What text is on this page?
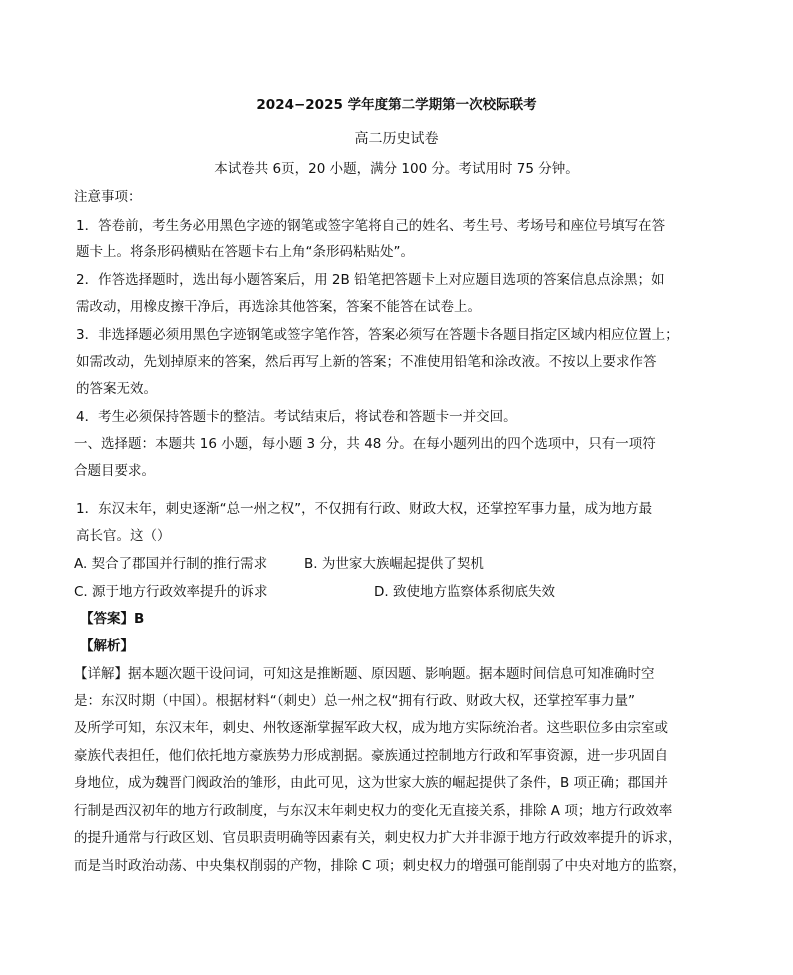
2024−2025 学年度第二学期第一次校际联考
高二历史试卷
本试卷共 6页，20 小题，满分 100 分。考试用时 75 分钟。
注意事项：
1．答卷前，考生务必用黑色字迹的钢笔或签字笔将自己的姓名、考生号、考场号和座位号填写在答
题卡上。将条形码横贴在答题卡右上角“条形码粘贴处”。
2．作答选择题时，选出每小题答案后，用 2B 铅笔把答题卡上对应题目选项的答案信息点涂黑；如
需改动，用橡皮擦干净后，再选涂其他答案，答案不能答在试卷上。
3．非选择题必须用黑色字迹钢笔或签字笔作答，答案必须写在答题卡各题目指定区域内相应位置上；
如需改动，先划掉原来的答案，然后再写上新的答案；不准使用铅笔和涂改液。不按以上要求作答
的答案无效。
4．考生必须保持答题卡的整洁。考试结束后，将试卷和答题卡一并交回。
一、选择题：本题共 16 小题，每小题 3 分，共 48 分。在每小题列出的四个选项中，只有一项符
合题目要求。
1．东汉末年，刺史逐渐“总一州之权”，不仅拥有行政、财政大权，还掌控军事力量，成为地方最
高长官。这（）
A. 契合了郡国并行制的推行需求	B. 为世家大族崛起提供了契机
C. 源于地方行政效率提升的诉求	D. 致使地方监察体系彻底失效
【答案】B
【解析】
【详解】据本题次题干设问词，可知这是推断题、原因题、影响题。据本题时间信息可知准确时空
是：东汉时期（中国）。根据材料“（刺史）总一州之权“拥有行政、财政大权，还掌控军事力量”
及所学可知，东汉末年，刺史、州牧逐渐掌握军政大权，成为地方实际统治者。这些职位多由宗室或
豪族代表担任，他们依托地方豪族势力形成割据。豪族通过控制地方行政和军事资源，进一步巩固自
身地位，成为魏晋门阀政治的雏形，由此可见，这为世家大族的崛起提供了条件，B 项正确；郡国并
行制是西汉初年的地方行政制度，与东汉末年刺史权力的变化无直接关系，排除 A 项；地方行政效率
的提升通常与行政区划、官员职责明确等因素有关，刺史权力扩大并非源于地方行政效率提升的诉求，
而是当时政治动荡、中央集权削弱的产物，排除 C 项；刺史权力的增强可能削弱了中央对地方的监察，
